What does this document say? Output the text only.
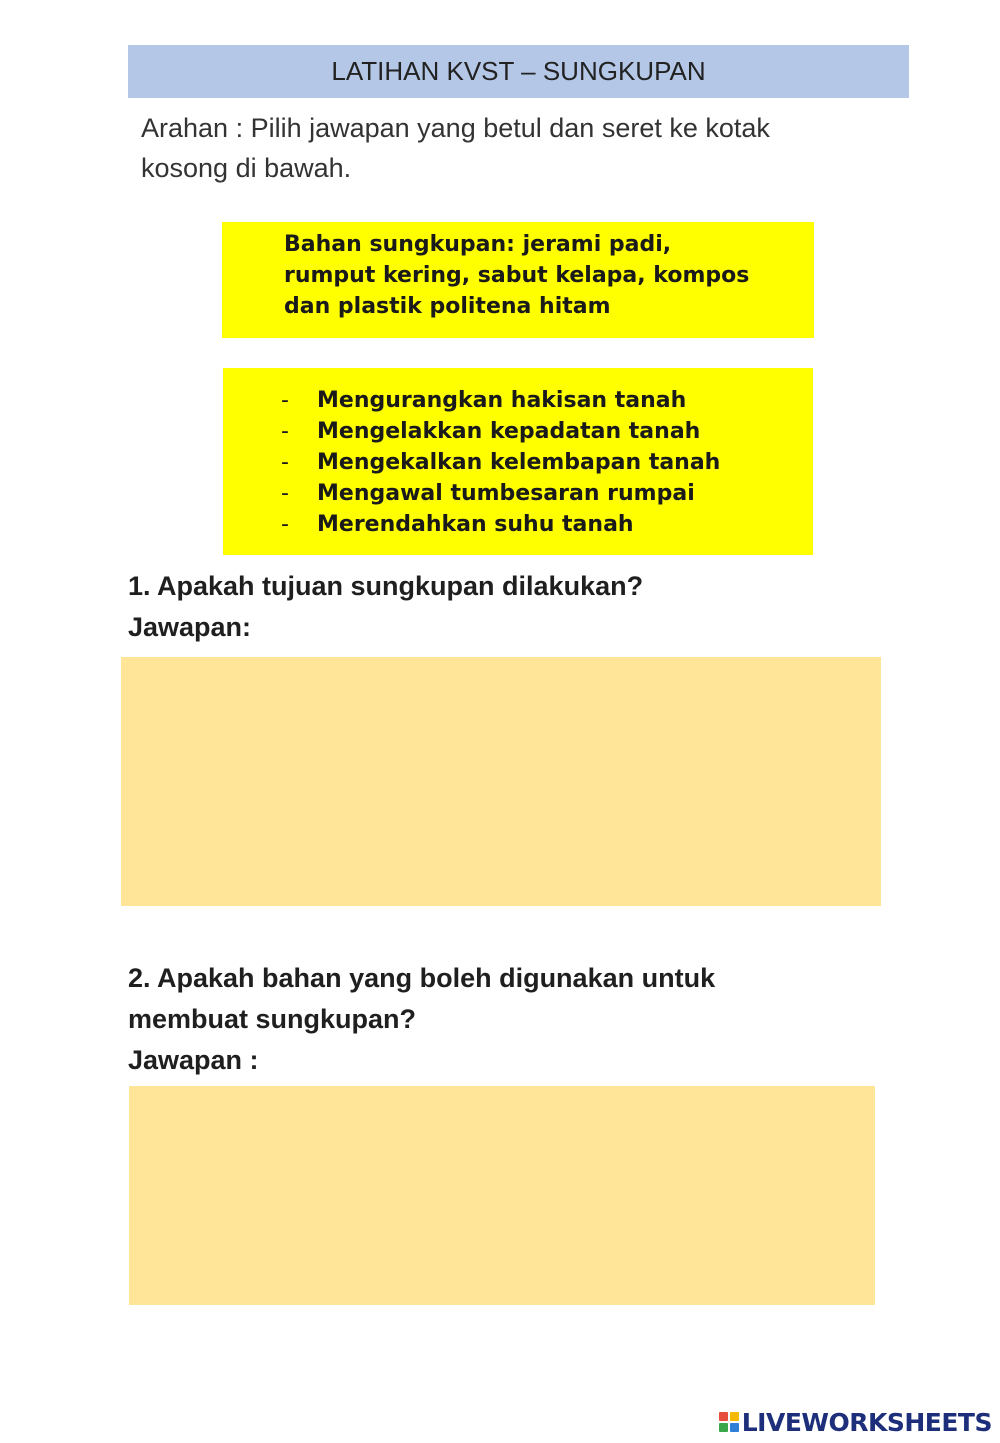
LATIHAN KVST – SUNGKUPAN
Arahan : Pilih jawapan yang betul dan seret ke kotak
kosong di bawah.
Bahan sungkupan: jerami padi,
rumput kering, sabut kelapa, kompos
dan plastik politena hitam
-	Mengurangkan hakisan tanah
-	Mengelakkan kepadatan tanah
-	Mengekalkan kelembapan tanah
-	Mengawal tumbesaran rumpai
-	Merendahkan suhu tanah
1. Apakah tujuan sungkupan dilakukan?
Jawapan:
2. Apakah bahan yang boleh digunakan untuk
membuat sungkupan?
Jawapan :
LIVEWORKSHEETS
